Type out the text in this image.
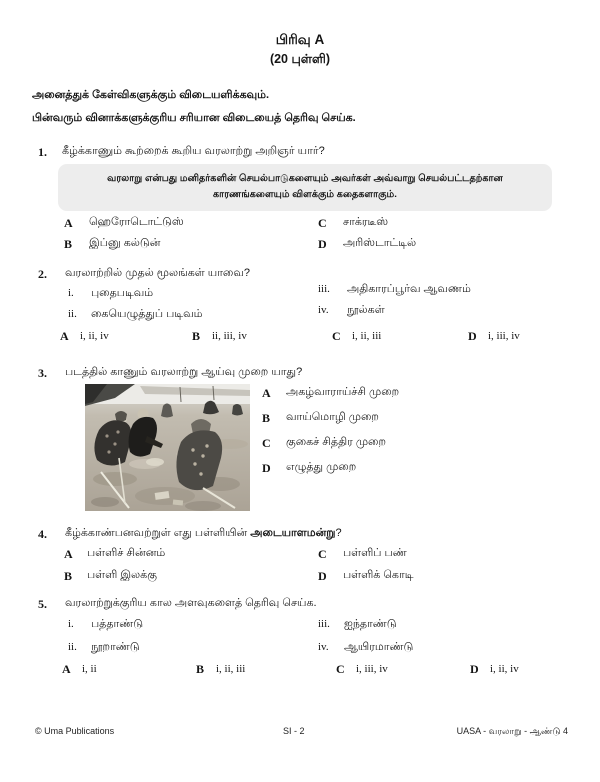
பிரிவு A
(20 புள்ளி)
அனைத்துக் கேள்விகளுக்கும் விடையளிக்கவும்.
பின்வரும் வினாக்களுக்குரிய சரியான விடையைத் தெரிவு செய்க.
1. கீழ்க்காணும் கூற்றைக் கூறிய வரலாற்று அறிஞர் யார்?
வரலாறு என்பது மனிதர்களின் செயல்பாடுகளையும் அவர்கள் அவ்வாறு செயல்பட்டதற்கான
காரணங்களையும் விளக்கும் கதைகளாகும்.
A ஹெரோடொட்டுஸ்
B இப்னு கல்டுன்
C சாக்ரடீஸ்
D அரிஸ்டாட்டில்
2. வரலாற்றில் முதல் மூலங்கள் யாவை?
i. புதைபடிவம்
ii. கையெழுத்துப் படிவம்
iii. அதிகாரப்பூர்வ ஆவணம்
iv. நூல்கள்
A i, ii, iv	B ii, iii, iv	C i, ii, iii	D i, iii, iv
3. படத்தில் காணும் வரலாற்று ஆய்வு முறை யாது?
A அகழ்வாராய்ச்சி முறை
B வாய்மொழி முறை
C குகைச் சித்திர முறை
D எழுத்து முறை
4. கீழ்க்காண்பனவற்றுள் எது பள்ளியின் அடையாளமன்று?
A பள்ளிச் சின்னம்
B பள்ளி இலக்கு
C பள்ளிப் பண்
D பள்ளிக் கொடி
5. வரலாற்றுக்குரிய கால அளவுகளைத் தெரிவு செய்க.
i. பத்தாண்டு
ii. நூறாண்டு
iii. ஐந்தாண்டு
iv. ஆயிரமாண்டு
A i, ii	B i, ii, iii	C i, iii, iv	D i, ii, iv
© Uma Publications	SI - 2	UASA - வரலாறு - ஆண்டு 4
